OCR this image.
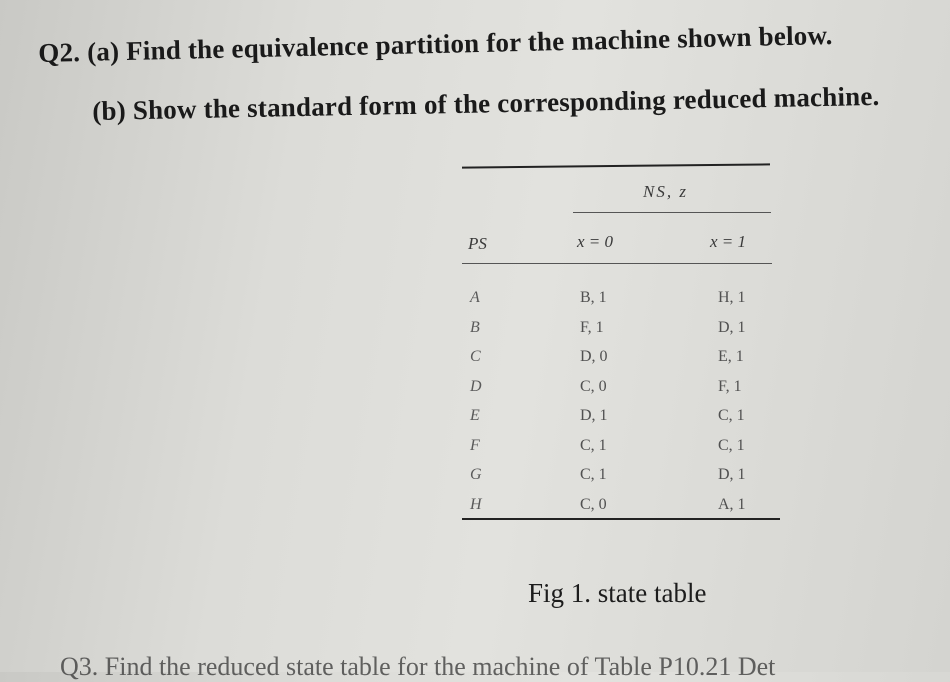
Q2. (a) Find the equivalence partition for the machine shown below.
(b) Show the standard form of the corresponding reduced machine.
NS, z
PS	x = 0	x = 1
A
B
C
D
E
F
G
H
B, 1
F, 1
D, 0
C, 0
D, 1
C, 1
C, 1
C, 0
H, 1
D, 1
E, 1
F, 1
C, 1
C, 1
D, 1
A, 1
Fig 1. state table
Q3. Find the reduced state table for the machine of Table P10.21 Det
